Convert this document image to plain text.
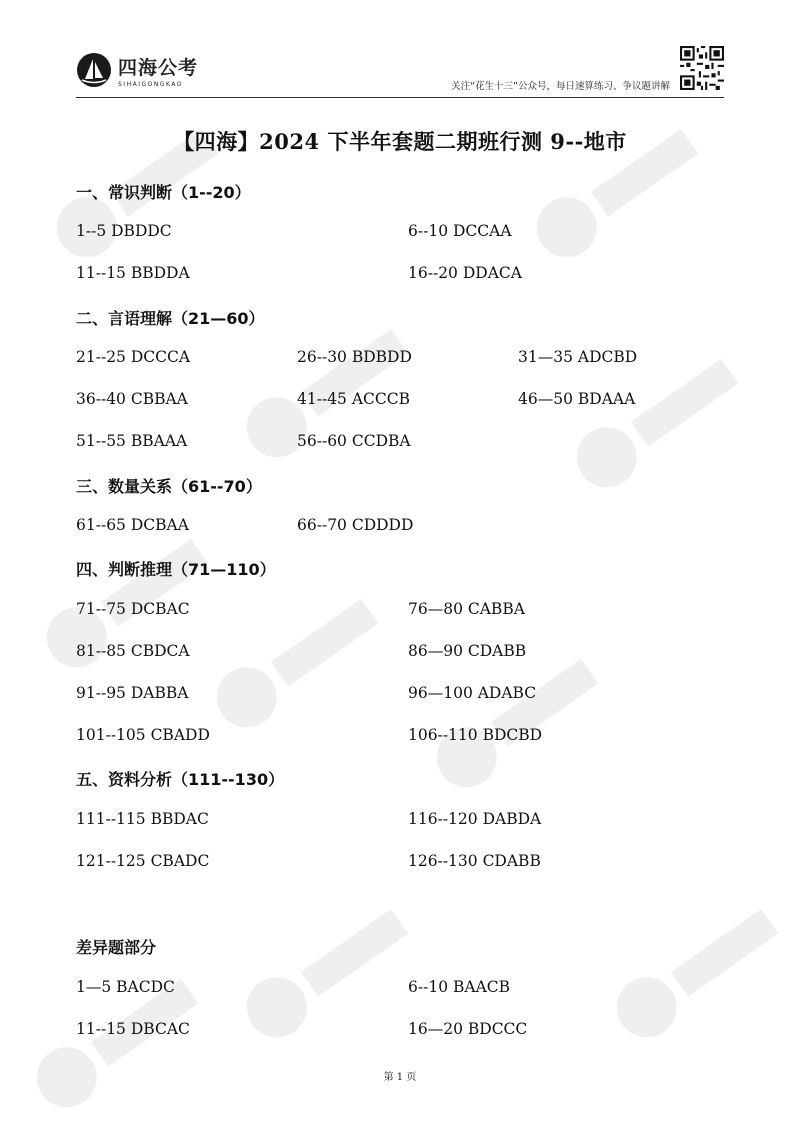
四海公考
SIHAIGONGKAO	关注“花生十三”公众号，每日速算练习、争议题讲解
【四海】2024 下半年套题二期班行测 9--地市
一、常识判断（1--20）
1--5 DBDDC	6--10 DCCAA
11--15 BBDDA	16--20 DDACA
二、言语理解（21—60）
21--25 DCCCA	26--30 BDBDD	31—35 ADCBD
36--40 CBBAA	41--45 ACCCB	46—50 BDAAA
51--55 BBAAA	56--60 CCDBA
三、数量关系（61--70）
61--65 DCBAA	66--70 CDDDD
四、判断推理（71—110）
71--75 DCBAC	76—80 CABBA
81--85 CBDCA	86—90 CDABB
91--95 DABBA	96—100 ADABC
101--105 CBADD	106--110 BDCBD
五、资料分析（111--130）
111--115 BBDAC	116--120 DABDA
121--125 CBADC	126--130 CDABB
差异题部分
1—5 BACDC	6--10 BAACB
11--15 DBCAC	16—20 BDCCC
第 1 页
